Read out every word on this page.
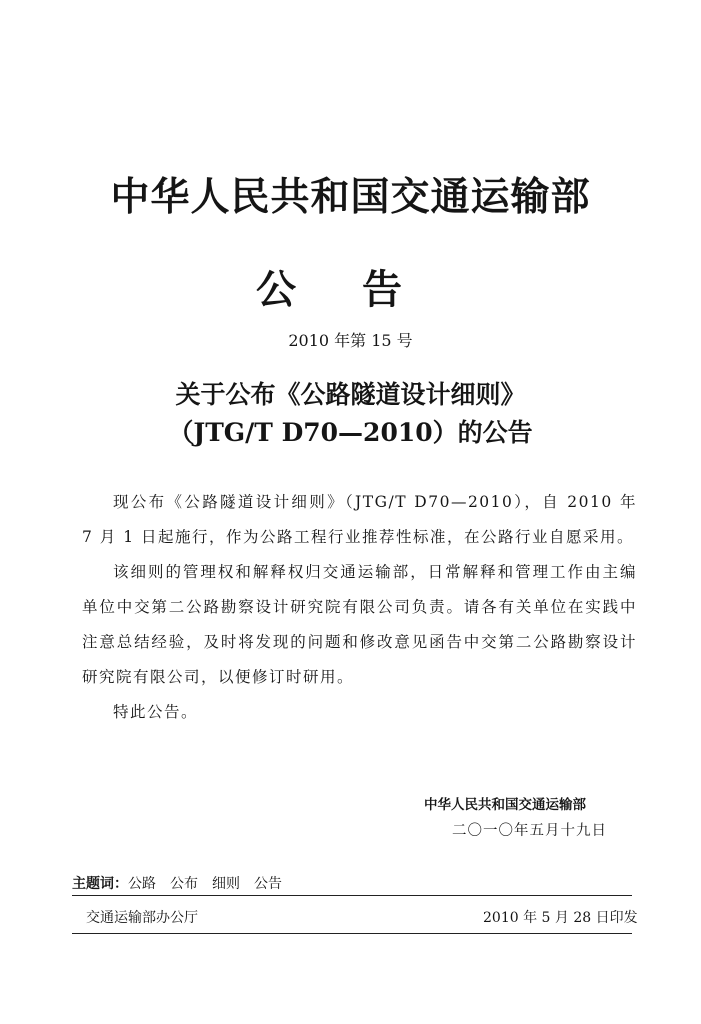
中华人民共和国交通运输部
公 告
2010 年第 15 号
关于公布《公路隧道设计细则》
（JTG/T D70—2010）的公告

现公布《公路隧道设计细则》（JTG/T D70—2010），自 2010 年 7 月 1 日起施行，作为公路工程行业推荐性标准，在公路行业自愿采用。

该细则的管理权和解释权归交通运输部，日常解释和管理工作由主编单位中交第二公路勘察设计研究院有限公司负责。请各有关单位在实践中注意总结经验，及时将发现的问题和修改意见函告中交第二公路勘察设计研究院有限公司，以便修订时研用。

特此公告。

中华人民共和国交通运输部
二〇一〇年五月十九日
主题词：公路 公布 细则 公告
交通运输部办公厅	2010 年 5 月 28 日印发
